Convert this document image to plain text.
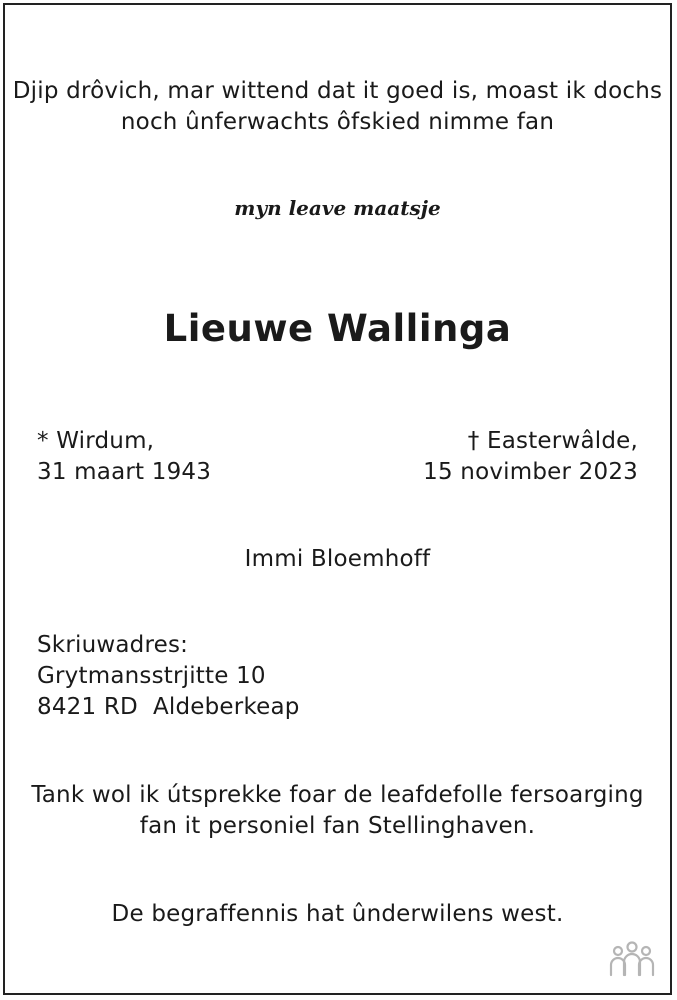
Djip drôvich, mar wittend dat it goed is, moast ik dochs
noch ûnferwachts ôfskied nimme fan
myn leave maatsje
Lieuwe Wallinga
* Wirdum,
31 maart 1943
† Easterwâlde,
15 novimber 2023
Immi Bloemhoff
Skriuwadres:
Grytmansstrjitte 10
8421 RD  Aldeberkeap
Tank wol ik útsprekke foar de leafdefolle fersoarging
fan it personiel fan Stellinghaven.
De begraffennis hat ûnderwilens west.
